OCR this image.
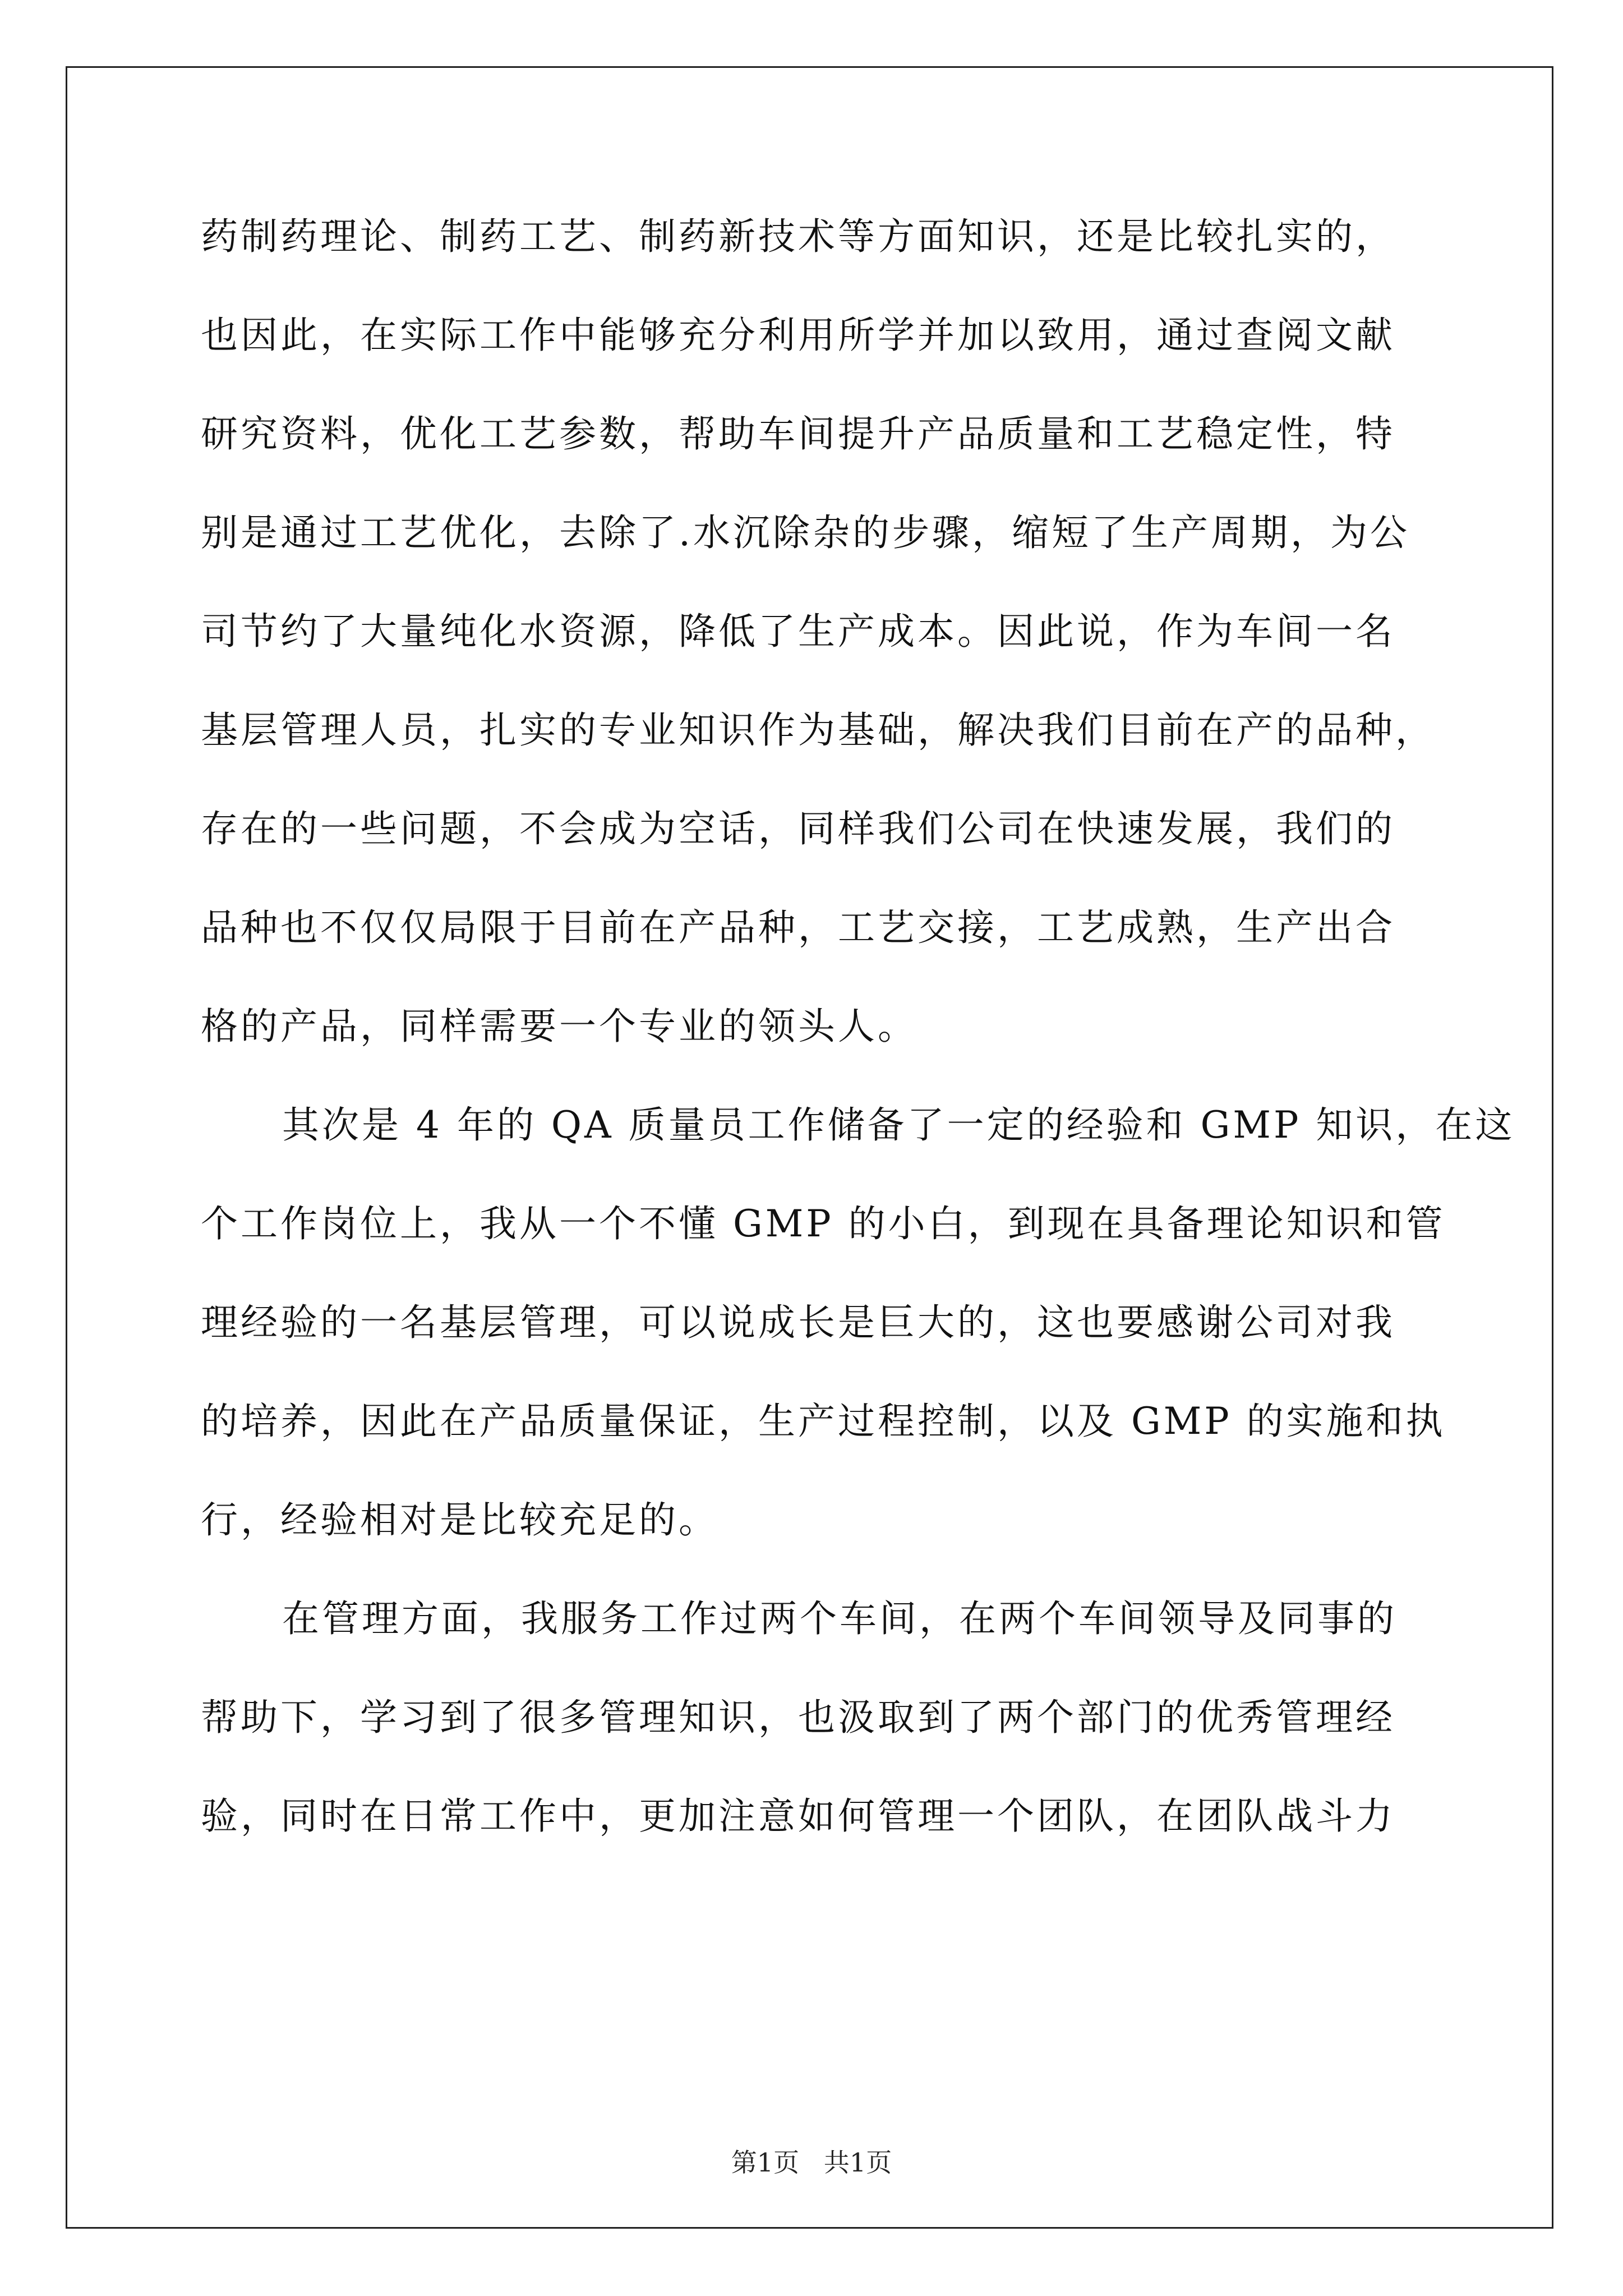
药制药理论、制药工艺、制药新技术等方面知识，还是比较扎实的，
也因此，在实际工作中能够充分利用所学并加以致用，通过查阅文献
研究资料，优化工艺参数，帮助车间提升产品质量和工艺稳定性，特
别是通过工艺优化，去除了.水沉除杂的步骤，缩短了生产周期，为公
司节约了大量纯化水资源，降低了生产成本。因此说，作为车间一名
基层管理人员，扎实的专业知识作为基础，解决我们目前在产的品种，
存在的一些问题，不会成为空话，同样我们公司在快速发展，我们的
品种也不仅仅局限于目前在产品种，工艺交接，工艺成熟，生产出合
格的产品，同样需要一个专业的领头人。
其次是 4 年的 QA 质量员工作储备了一定的经验和 GMP 知识，在这
个工作岗位上，我从一个不懂 GMP 的小白，到现在具备理论知识和管
理经验的一名基层管理，可以说成长是巨大的，这也要感谢公司对我
的培养，因此在产品质量保证，生产过程控制，以及 GMP 的实施和执
行，经验相对是比较充足的。
在管理方面，我服务工作过两个车间，在两个车间领导及同事的
帮助下，学习到了很多管理知识，也汲取到了两个部门的优秀管理经
验，同时在日常工作中，更加注意如何管理一个团队，在团队战斗力
第1页   共1页
